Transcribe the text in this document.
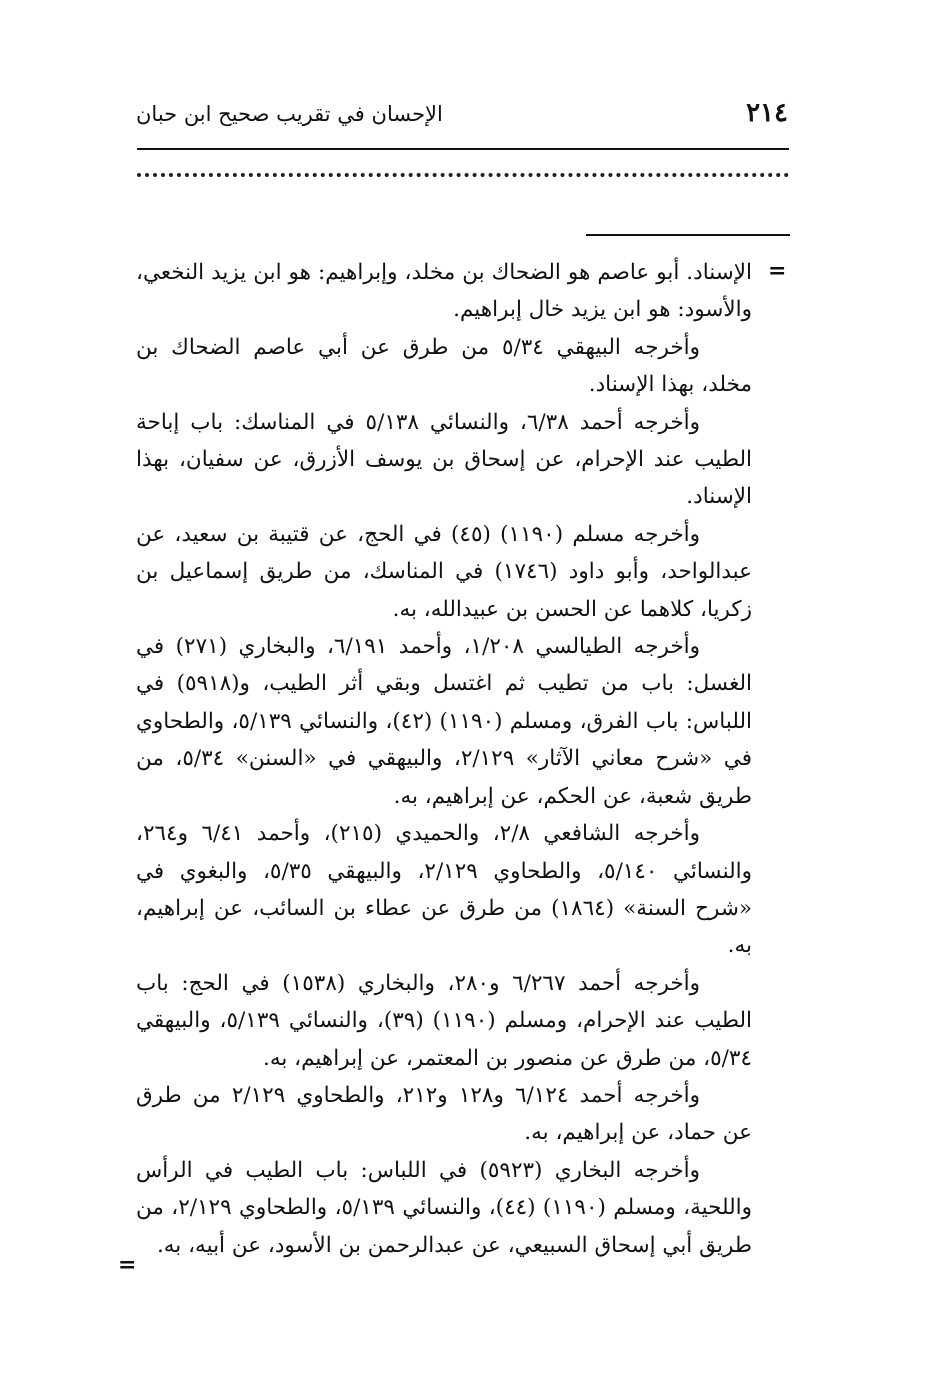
٢١٤
الإحسان في تقريب صحيح ابن حبان
=

الإسناد. أبو عاصم هو الضحاك بن مخلد، وإبراهيم: هو ابن يزيد النخعي، والأسود: هو ابن يزيد خال إبراهيم.

وأخرجه البيهقي ٥/٣٤ من طرق عن أبي عاصم الضحاك بن مخلد، بهذا الإسناد.

وأخرجه أحمد ٦/٣٨، والنسائي ٥/١٣٨ في المناسك: باب إباحة الطيب عند الإحرام، عن إسحاق بن يوسف الأزرق، عن سفيان، بهذا الإسناد.

وأخرجه مسلم (١١٩٠) (٤٥) في الحج، عن قتيبة بن سعيد، عن عبدالواحد، وأبو داود (١٧٤٦) في المناسك، من طريق إسماعيل بن زكريا، كلاهما عن الحسن بن عبيدالله، به.

وأخرجه الطيالسي ١/٢٠٨، وأحمد ٦/١٩١، والبخاري (٢٧١) في الغسل: باب من تطيب ثم اغتسل وبقي أثر الطيب، و(٥٩١٨) في اللباس: باب الفرق، ومسلم (١١٩٠) (٤٢)، والنسائي ٥/١٣٩، والطحاوي في «شرح معاني الآثار» ٢/١٢٩، والبيهقي في «السنن» ٥/٣٤، من طريق شعبة، عن الحكم، عن إبراهيم، به.

وأخرجه الشافعي ٢/٨، والحميدي (٢١٥)، وأحمد ٦/٤١ و٢٦٤، والنسائي ٥/١٤٠، والطحاوي ٢/١٢٩، والبيهقي ٥/٣٥، والبغوي في «شرح السنة» (١٨٦٤) من طرق عن عطاء بن السائب، عن إبراهيم، به.

وأخرجه أحمد ٦/٢٦٧ و٢٨٠، والبخاري (١٥٣٨) في الحج: باب الطيب عند الإحرام، ومسلم (١١٩٠) (٣٩)، والنسائي ٥/١٣٩، والبيهقي ٥/٣٤، من طرق عن منصور بن المعتمر، عن إبراهيم، به.

وأخرجه أحمد ٦/١٢٤ و١٢٨ و٢١٢، والطحاوي ٢/١٢٩ من طرق عن حماد، عن إبراهيم، به.

وأخرجه البخاري (٥٩٢٣) في اللباس: باب الطيب في الرأس واللحية، ومسلم (١١٩٠) (٤٤)، والنسائي ٥/١٣٩، والطحاوي ٢/١٢٩، من طريق أبي إسحاق السبيعي، عن عبدالرحمن بن الأسود، عن أبيه، به.

=
